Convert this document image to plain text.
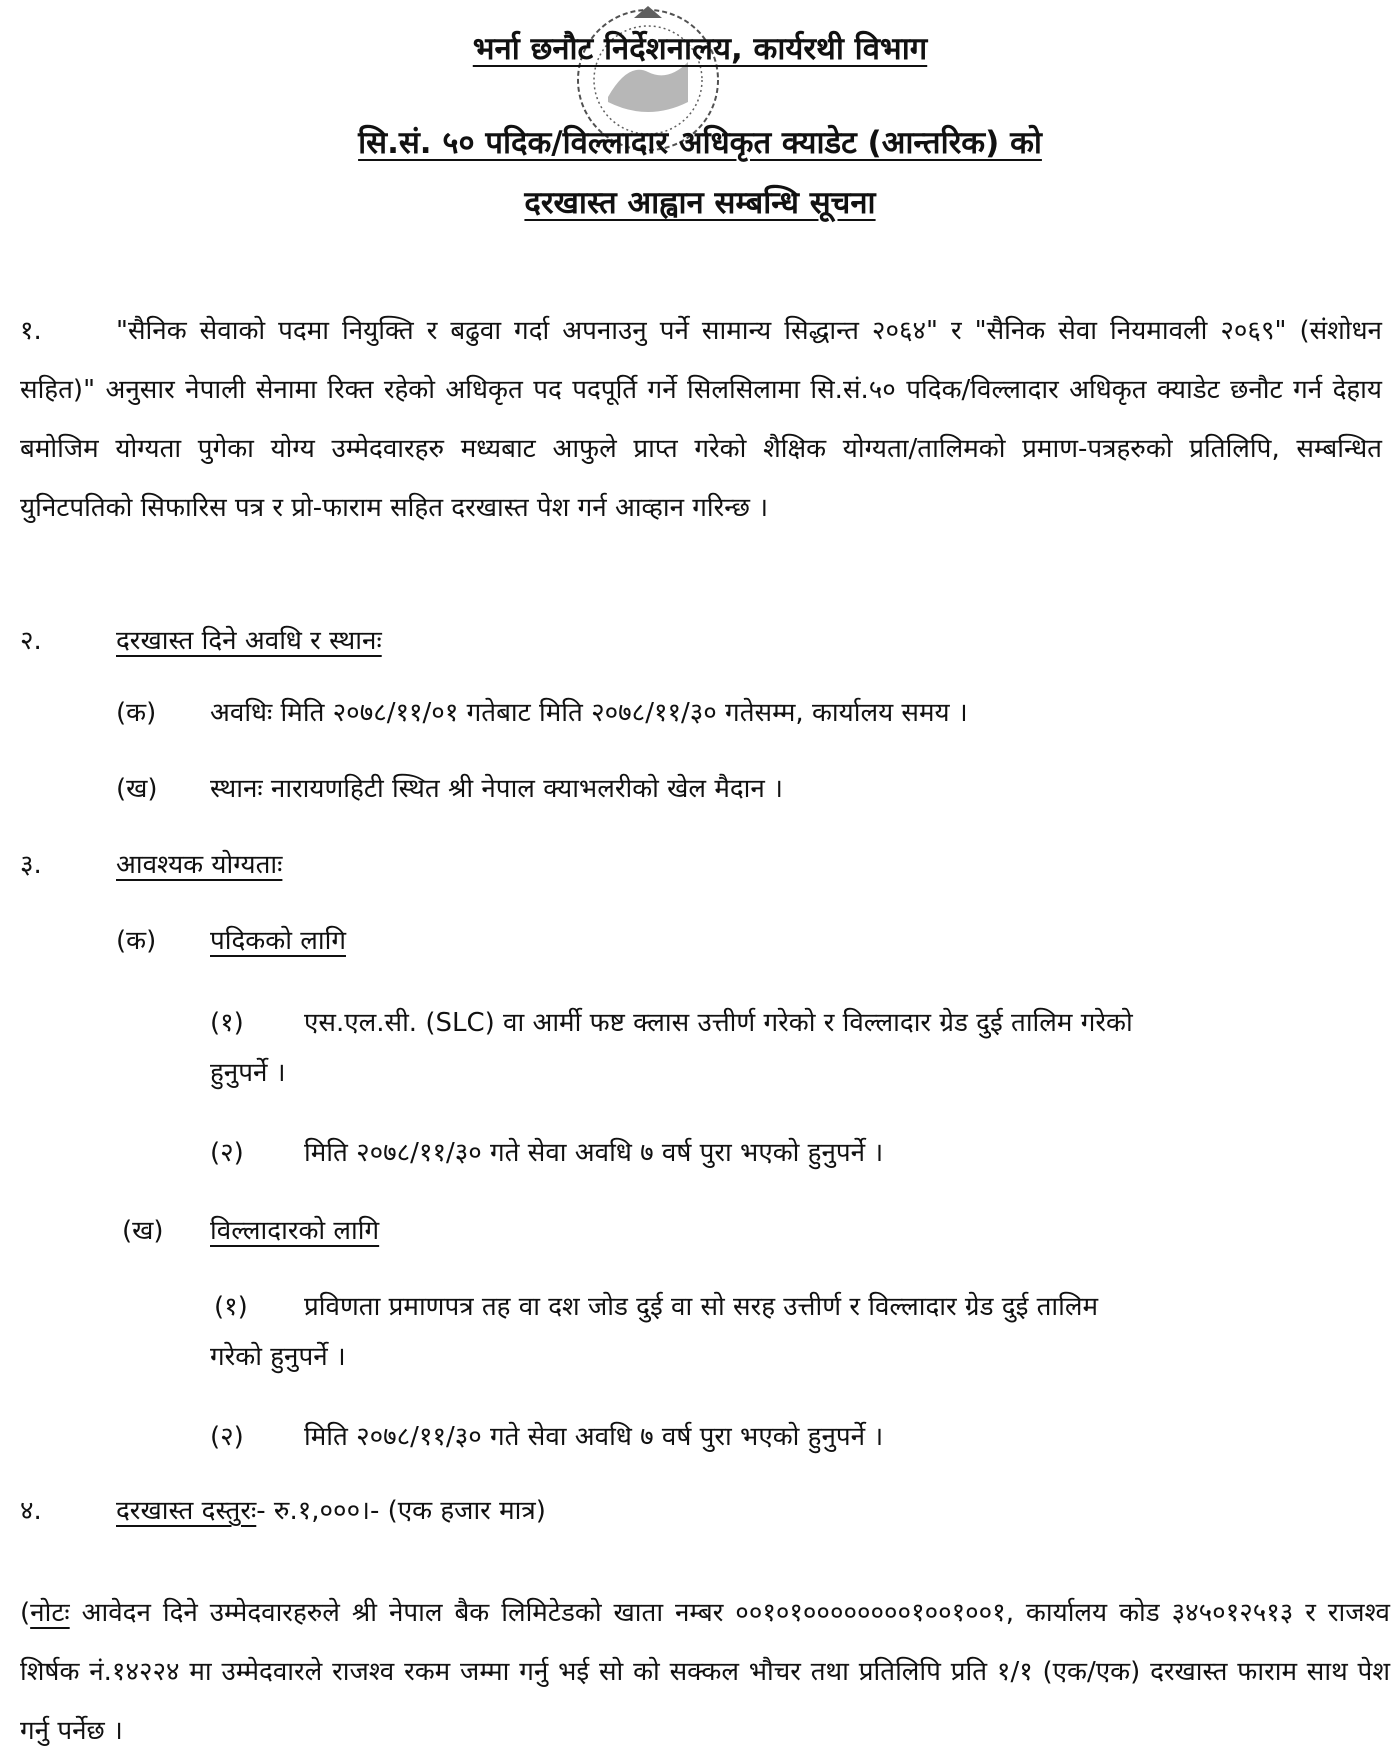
भर्ना छनौट निर्देशनालय, कार्यरथी विभाग
सि.सं. ५० पदिक/विल्लादार अधिकृत क्याडेट (आन्तरिक) को
दरखास्त आह्वान सम्बन्धि सूचना
१.	"सैनिक सेवाको पदमा नियुक्ति र बढुवा गर्दा अपनाउनु पर्ने सामान्य सिद्धान्त २०६४" र "सैनिक सेवा नियमावली २०६९" (संशोधन सहित)" अनुसार नेपाली सेनामा रिक्त रहेको अधिकृत पद पदपूर्ति गर्ने सिलसिलामा सि.सं.५० पदिक/विल्लादार अधिकृत क्याडेट छनौट गर्न देहाय बमोजिम योग्यता पुगेका योग्य उम्मेदवारहरु मध्यबाट आफुले प्राप्त गरेको शैक्षिक योग्यता/तालिमको प्रमाण-पत्रहरुको प्रतिलिपि, सम्बन्धित युनिटपतिको सिफारिस पत्र र प्रो-फाराम सहित दरखास्त पेश गर्न आव्हान गरिन्छ ।
२.	दरखास्त दिने अवधि र स्थानः
(क) अवधिः मिति २०७८/११/०१ गतेबाट मिति २०७८/११/३० गतेसम्म, कार्यालय समय ।
(ख) स्थानः नारायणहिटी स्थित श्री नेपाल क्याभलरीको खेल मैदान ।
३.	आवश्यक योग्यताः
(क) पदिकको लागि
(१) एस.एल.सी. (SLC) वा आर्मी फष्ट क्लास उत्तीर्ण गरेको र विल्लादार ग्रेड दुई तालिम गरेको
हुनुपर्ने ।
(२) मिति २०७८/११/३० गते सेवा अवधि ७ वर्ष पुरा भएको हुनुपर्ने ।
(ख) विल्लादारको लागि
(१) प्रविणता प्रमाणपत्र तह वा दश जोड दुई वा सो सरह उत्तीर्ण र विल्लादार ग्रेड दुई तालिम
गरेको हुनुपर्ने ।
(२) मिति २०७८/११/३० गते सेवा अवधि ७ वर्ष पुरा भएको हुनुपर्ने ।
४.	दरखास्त दस्तुरः- रु.१,०००।- (एक हजार मात्र)
(नोटः आवेदन दिने उम्मेदवारहरुले श्री नेपाल बैक लिमिटेडको खाता नम्बर ००१०१००००००००१००१००१, कार्यालय कोड ३४५०१२५१३ र राजश्व शिर्षक नं.१४२२४ मा उम्मेदवारले राजश्व रकम जम्मा गर्नु भई सो को सक्कल भौचर तथा प्रतिलिपि प्रति १/१ (एक/एक) दरखास्त फाराम साथ पेश गर्नु पर्नेछ ।
